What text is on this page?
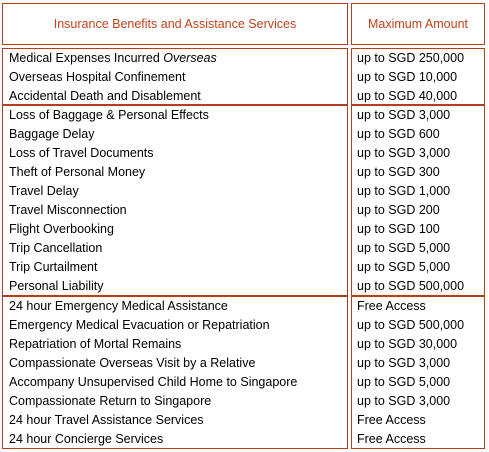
Insurance Benefits and Assistance Services	Maximum Amount
Medical Expenses Incurred Overseas
Overseas Hospital Confinement
Accidental Death and Disablement
up to SGD 250,000
up to SGD 10,000
up to SGD 40,000
Loss of Baggage & Personal Effects
Baggage Delay
Loss of Travel Documents
Theft of Personal Money
Travel Delay
Travel Misconnection
Flight Overbooking
Trip Cancellation
Trip Curtailment
Personal Liability
up to SGD 3,000
up to SGD 600
up to SGD 3,000
up to SGD 300
up to SGD 1,000
up to SGD 200
up to SGD 100
up to SGD 5,000
up to SGD 5,000
up to SGD 500,000
24 hour Emergency Medical Assistance
Emergency Medical Evacuation or Repatriation
Repatriation of Mortal Remains
Compassionate Overseas Visit by a Relative
Accompany Unsupervised Child Home to Singapore
Compassionate Return to Singapore
24 hour Travel Assistance Services
24 hour Concierge Services
Free Access
up to SGD 500,000
up to SGD 30,000
up to SGD 3,000
up to SGD 5,000
up to SGD 3,000
Free Access
Free Access
